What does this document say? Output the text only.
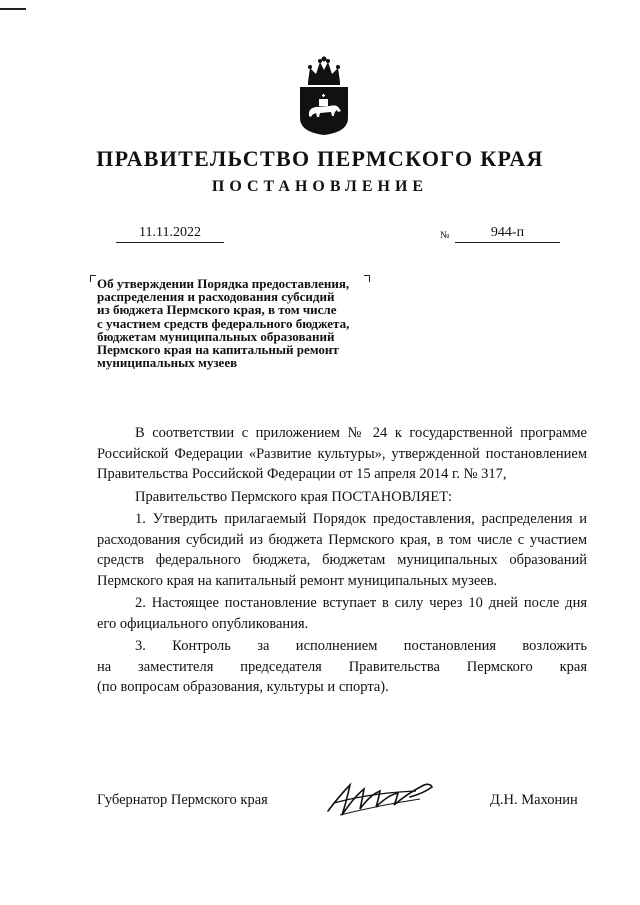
ПРАВИТЕЛЬСТВО ПЕРМСКОГО КРАЯ
ПОСТАНОВЛЕНИЕ
11.11.2022	№	944-п
Об утверждении Порядка предоставления,
распределения и расходования субсидий
из бюджета Пермского края, в том числе
с участием средств федерального бюджета,
бюджетам муниципальных образований
Пермского края на капитальный ремонт
муниципальных музеев

В соответствии с приложением № 24 к государственной программе Российской Федерации «Развитие культуры», утвержденной постановлением Правительства Российской Федерации от 15 апреля 2014 г. № 317,

Правительство Пермского края ПОСТАНОВЛЯЕТ:

1. Утвердить прилагаемый Порядок предоставления, распределения и расходования субсидий из бюджета Пермского края, в том числе с участием средств федерального бюджета, бюджетам муниципальных образований Пермского края на капитальный ремонт муниципальных музеев.

2. Настоящее постановление вступает в силу через 10 дней после дня его официального опубликования.

3. Контроль за исполнением постановления возложить
на заместителя председателя Правительства Пермского края
(по вопросам образования, культуры и спорта).

Губернатор Пермского края	Д.Н. Махонин
